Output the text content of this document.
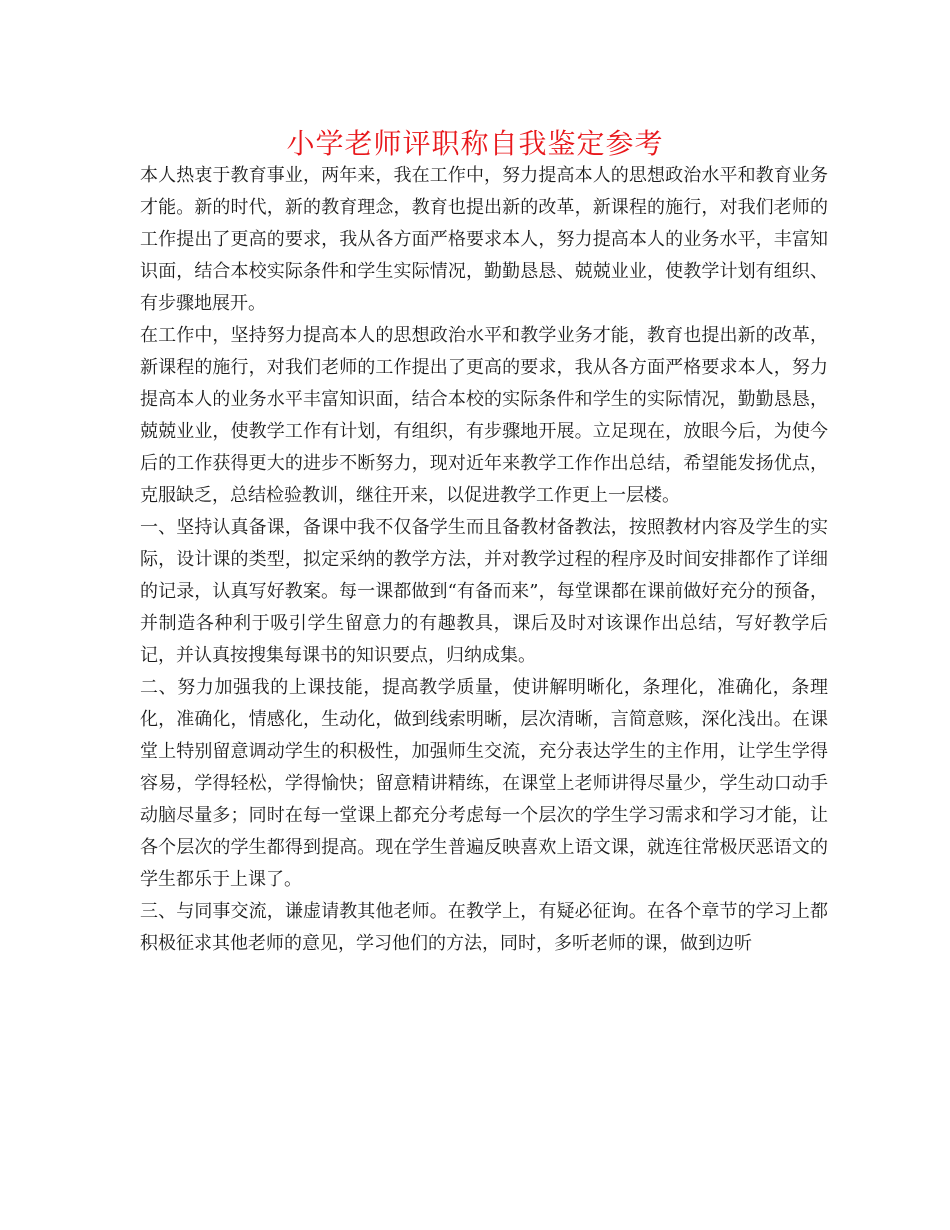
小学老师评职称自我鉴定参考

本人热衷于教育事业，两年来，我在工作中，努力提高本人的思想政治水平和教育业务才能。新的时代，新的教育理念，教育也提出新的改革，新课程的施行，对我们老师的工作提出了更高的要求，我从各方面严格要求本人，努力提高本人的业务水平，丰富知识面，结合本校实际条件和学生实际情况，勤勤恳恳、兢兢业业，使教学计划有组织、有步骤地展开。

在工作中，坚持努力提高本人的思想政治水平和教学业务才能，教育也提出新的改革，新课程的施行，对我们老师的工作提出了更高的要求，我从各方面严格要求本人，努力提高本人的业务水平丰富知识面，结合本校的实际条件和学生的实际情况，勤勤恳恳，兢兢业业，使教学工作有计划，有组织，有步骤地开展。立足现在，放眼今后，为使今后的工作获得更大的进步不断努力，现对近年来教学工作作出总结，希望能发扬优点，克服缺乏，总结检验教训，继往开来，以促进教学工作更上一层楼。

一、坚持认真备课，备课中我不仅备学生而且备教材备教法，按照教材内容及学生的实际，设计课的类型，拟定采纳的教学方法，并对教学过程的程序及时间安排都作了详细的记录，认真写好教案。每一课都做到“有备而来”，每堂课都在课前做好充分的预备，并制造各种利于吸引学生留意力的有趣教具，课后及时对该课作出总结，写好教学后记，并认真按搜集每课书的知识要点，归纳成集。

二、努力加强我的上课技能，提高教学质量，使讲解明晰化，条理化，准确化，条理化，准确化，情感化，生动化，做到线索明晰，层次清晰，言简意赅，深化浅出。在课堂上特别留意调动学生的积极性，加强师生交流，充分表达学生的主作用，让学生学得容易，学得轻松，学得愉快；留意精讲精练，在课堂上老师讲得尽量少，学生动口动手动脑尽量多；同时在每一堂课上都充分考虑每一个层次的学生学习需求和学习才能，让各个层次的学生都得到提高。现在学生普遍反映喜欢上语文课，就连往常极厌恶语文的学生都乐于上课了。

三、与同事交流，谦虚请教其他老师。在教学上，有疑必征询。在各个章节的学习上都积极征求其他老师的意见，学习他们的方法，同时，多听老师的课，做到边听
